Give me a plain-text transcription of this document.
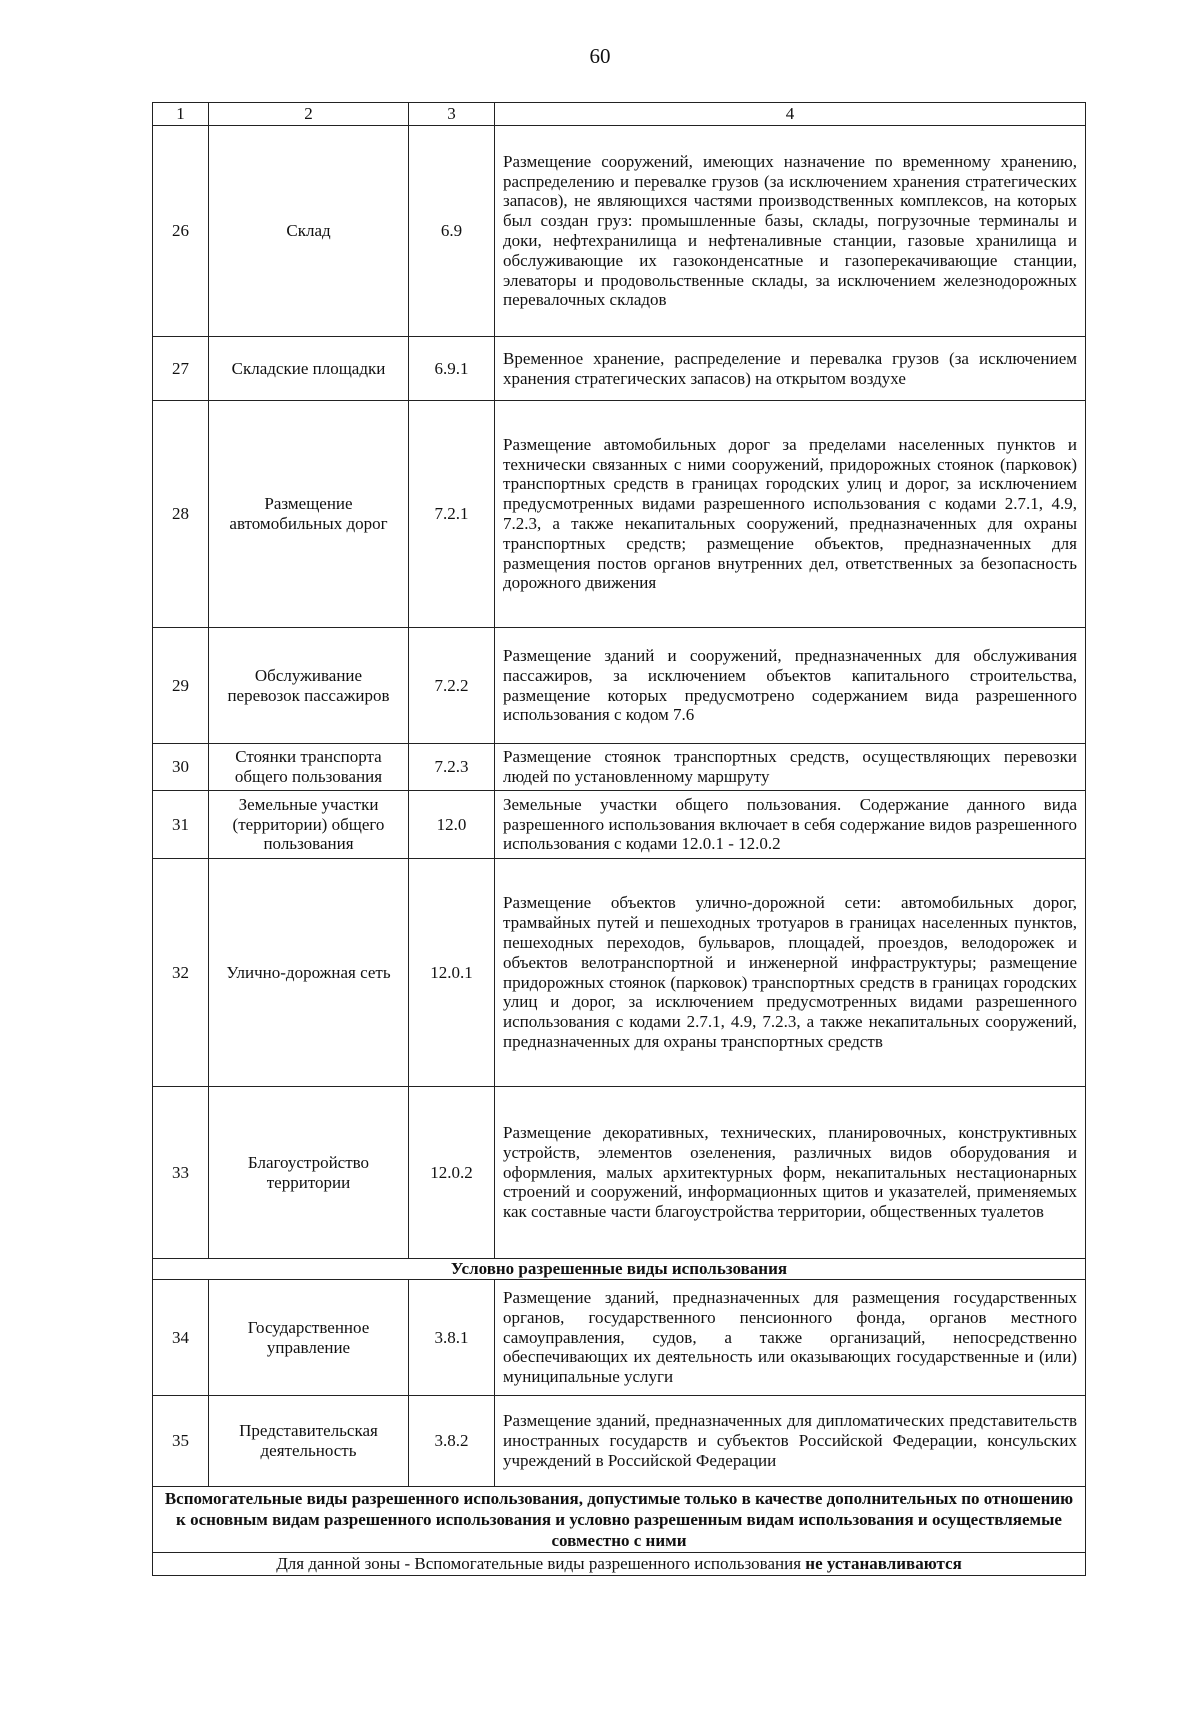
60
1	2	3	4
26	Склад	6.9	Размещение сооружений, имеющих назначение по временному хранению, распределению и перевалке грузов (за исключением хранения стратегических запасов), не являющихся частями производственных комплексов, на которых был создан груз: промышленные базы, склады, погрузочные терминалы и доки, нефтехранилища и нефтеналивные станции, газовые хранилища и обслуживающие их газоконденсатные и газоперекачивающие станции, элеваторы и продовольственные склады, за исключением железнодорожных перевалочных складов
27	Складские площадки	6.9.1	Временное хранение, распределение и перевалка грузов (за исключением хранения стратегических запасов) на открытом воздухе
28	Размещение автомобильных дорог	7.2.1	Размещение автомобильных дорог за пределами населенных пунктов и технически связанных с ними сооружений, придорожных стоянок (парковок) транспортных средств в границах городских улиц и дорог, за исключением предусмотренных видами разрешенного использования с кодами 2.7.1, 4.9, 7.2.3, а также некапитальных сооружений, предназначенных для охраны транспортных средств; размещение объектов, предназначенных для размещения постов органов внутренних дел, ответственных за безопасность дорожного движения
29	Обслуживание перевозок пассажиров	7.2.2	Размещение зданий и сооружений, предназначенных для обслуживания пассажиров, за исключением объектов капитального строительства, размещение которых предусмотрено содержанием вида разрешенного использования с кодом 7.6
30	Стоянки транспорта общего пользования	7.2.3	Размещение стоянок транспортных средств, осуществляющих перевозки людей по установленному маршруту
31	Земельные участки (территории) общего пользования	12.0	Земельные участки общего пользования. Содержание данного вида разрешенного использования включает в себя содержание видов разрешенного использования с кодами 12.0.1 - 12.0.2
32	Улично-дорожная сеть	12.0.1	Размещение объектов улично-дорожной сети: автомобильных дорог, трамвайных путей и пешеходных тротуаров в границах населенных пунктов, пешеходных переходов, бульваров, площадей, проездов, велодорожек и объектов велотранспортной и инженерной инфраструктуры; размещение придорожных стоянок (парковок) транспортных средств в границах городских улиц и дорог, за исключением предусмотренных видами разрешенного использования с кодами 2.7.1, 4.9, 7.2.3, а также некапитальных сооружений, предназначенных для охраны транспортных средств
33	Благоустройство территории	12.0.2	Размещение декоративных, технических, планировочных, конструктивных устройств, элементов озеленения, различных видов оборудования и оформления, малых архитектурных форм, некапитальных нестационарных строений и сооружений, информационных щитов и указателей, применяемых как составные части благоустройства территории, общественных туалетов
Условно разрешенные виды использования			
34	Государственное управление	3.8.1	Размещение зданий, предназначенных для размещения государственных органов, государственного пенсионного фонда, органов местного самоуправления, судов, а также организаций, непосредственно обеспечивающих их деятельность или оказывающих государственные и (или) муниципальные услуги
35	Представительская деятельность	3.8.2	Размещение зданий, предназначенных для дипломатических представительств иностранных государств и субъектов Российской Федерации, консульских учреждений в Российской Федерации
Вспомогательные виды разрешенного использования, допустимые только в качестве дополнительных по отношению к основным видам разрешенного использования и условно разрешенным видам использования и осуществляемые совместно с ними			
Для данной зоны - Вспомогательные виды разрешенного использования не устанавливаются			
